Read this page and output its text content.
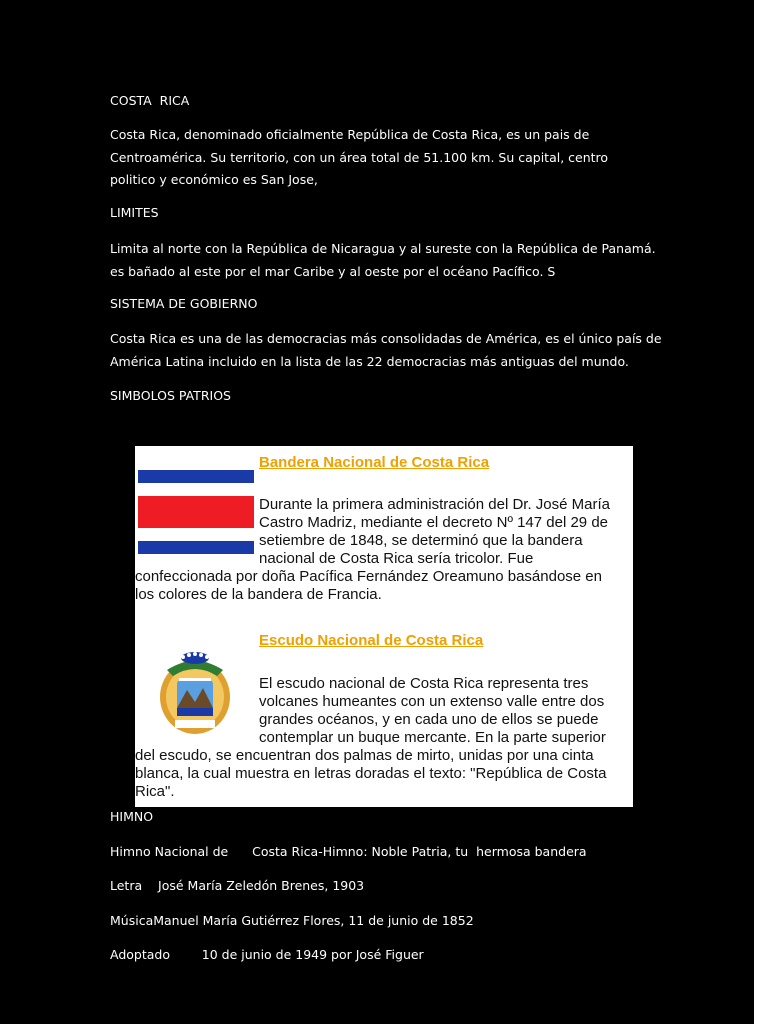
COSTA  RICA

Costa Rica, denominado oficialmente República de Costa Rica, es un pais de
Centroamérica. Su territorio, con un área total de 51.100 km. Su capital, centro
politico y económico es San Jose,

LIMITES

Limita al norte con la República de Nicaragua y al sureste con la República de Panamá.
es bañado al este por el mar Caribe y al oeste por el océano Pacífico. S

SISTEMA DE GOBIERNO

Costa Rica es una de las democracias más consolidadas de América, es el único país de
América Latina incluido en la lista de las 22 democracias más antiguas del mundo.

SIMBOLOS PATRIOS

Bandera Nacional de Costa Rica
Durante la primera administración del Dr. José María
Castro Madriz, mediante el decreto Nº 147 del 29 de
setiembre de 1848, se determinó que la bandera
nacional de Costa Rica sería tricolor. Fue
confeccionada por doña Pacífica Fernández Oreamuno basándose en
los colores de la bandera de Francia.
Escudo Nacional de Costa Rica
El escudo nacional de Costa Rica representa tres
volcanes humeantes con un extenso valle entre dos
grandes océanos, y en cada uno de ellos se puede
contemplar un buque mercante. En la parte superior
del escudo, se encuentran dos palmas de mirto, unidas por una cinta
blanca, la cual muestra en letras doradas el texto: "República de Costa
Rica".

HIMNO

Himno Nacional de      Costa Rica-Himno: Noble Patria, tu  hermosa bandera

Letra    José María Zeledón Brenes, 1903

MúsicaManuel María Gutiérrez Flores, 11 de junio de 1852

Adoptado        10 de junio de 1949 por José Figuer
